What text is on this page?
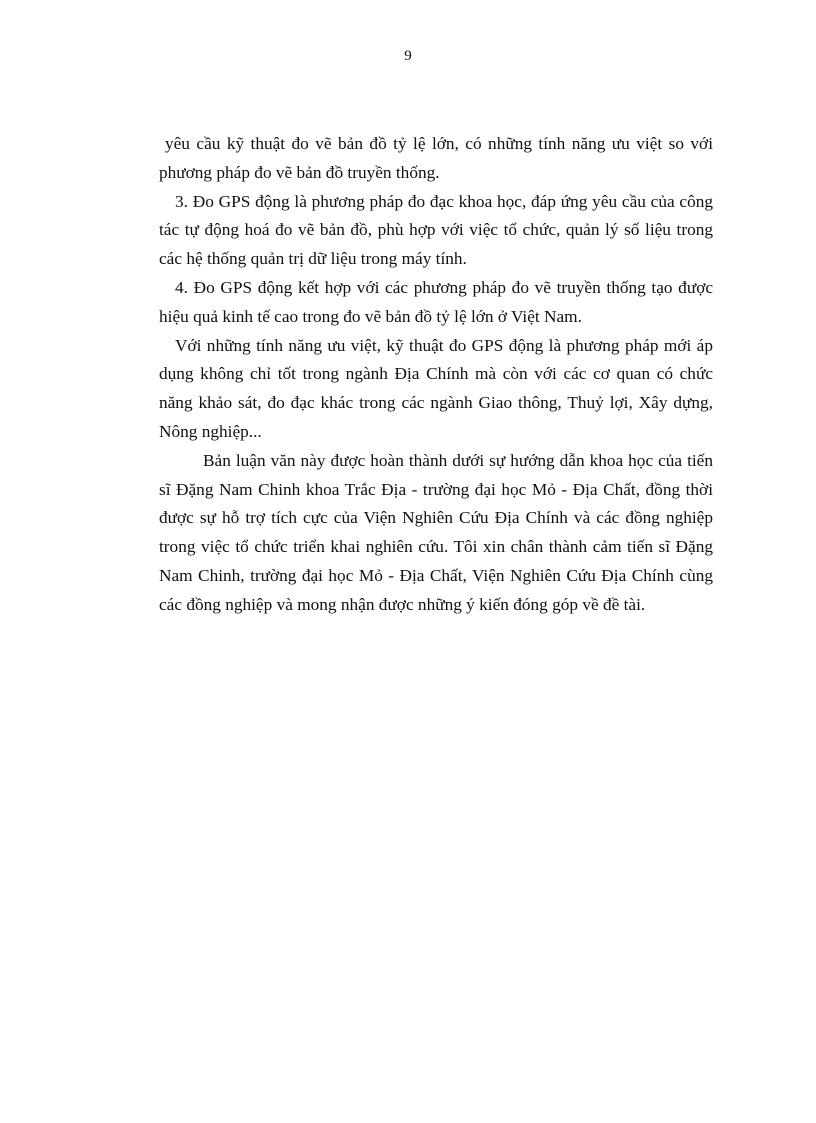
9

yêu cầu kỹ thuật đo vẽ bản đồ tỷ lệ lớn, có những tính năng ưu việt so với phương pháp đo vẽ bản đồ truyền thống.

3. Đo GPS động là phương pháp đo đạc khoa học, đáp ứng yêu cầu của công tác tự động hoá đo vẽ bản đồ, phù hợp với việc tổ chức, quản lý số liệu trong các hệ thống quản trị dữ liệu trong máy tính.

4. Đo GPS động kết hợp với các phương pháp đo vẽ truyền thống tạo được hiệu quả kinh tế cao trong đo vẽ bản đồ tỷ lệ lớn ở Việt Nam.

Với những tính năng ưu việt, kỹ thuật đo GPS động là phương pháp mới áp dụng không chỉ tốt trong ngành Địa Chính mà còn với các cơ quan có chức năng khảo sát, đo đạc khác trong các ngành Giao thông, Thuỷ lợi, Xây dựng, Nông nghiệp...

Bản luận văn này được hoàn thành dưới sự hướng dẫn khoa học của tiến sĩ Đặng Nam Chinh khoa Trắc Địa - trường đại học Mỏ - Địa Chất, đồng thời được sự hỗ trợ tích cực của Viện Nghiên Cứu Địa Chính và các đồng nghiệp trong việc tổ chức triển khai nghiên cứu. Tôi xin chân thành cảm tiến sĩ Đặng Nam Chinh, trường đại học Mỏ - Địa Chất, Viện Nghiên Cứu Địa Chính cùng các đồng nghiệp và mong nhận được những ý kiến đóng góp về đề tài.
